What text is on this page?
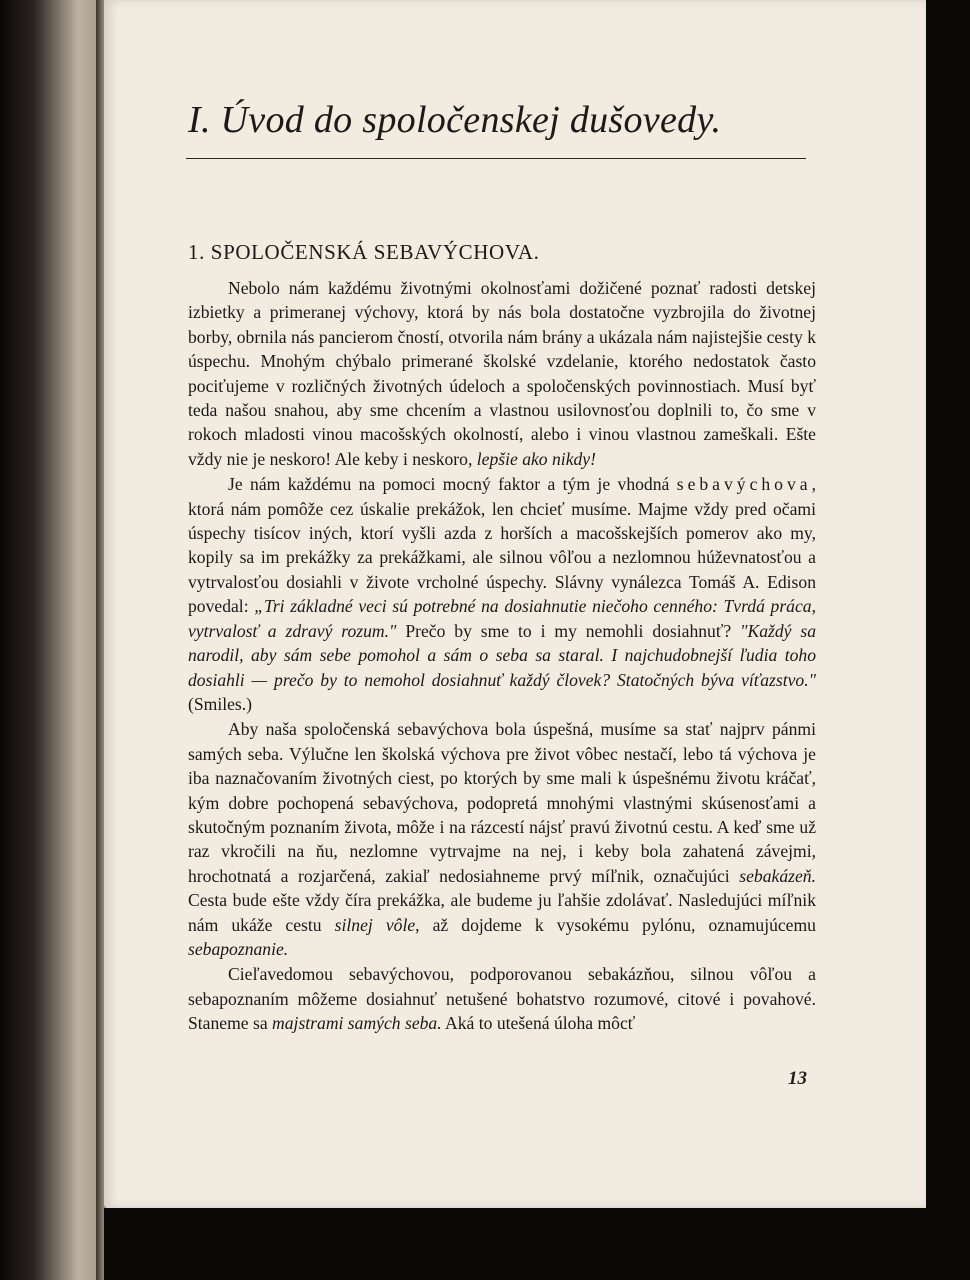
I. Úvod do spoločenskej dušovedy.
1. SPOLOČENSKÁ SEBAVÝCHOVA.

Nebolo nám každému životnými okolnosťami dožičené poznať radosti detskej izbietky a primeranej výchovy, ktorá by nás bola dostatočne vyzbrojila do životnej borby, obrnila nás pancierom čností, otvorila nám brány a ukázala nám najistejšie cesty k úspechu. Mnohým chýbalo primerané školské vzdelanie, ktorého nedostatok často pociťujeme v rozličných životných údeloch a spoločenských povinnostiach. Musí byť teda našou snahou, aby sme chcením a vlastnou usilovnosťou doplnili to, čo sme v rokoch mladosti vinou macošských okolností, alebo i vinou vlastnou zameškali. Ešte vždy nie je neskoro! Ale keby i neskoro, lepšie ako nikdy!

Je nám každému na pomoci mocný faktor a tým je vhodná sebavýchova, ktorá nám pomôže cez úskalie prekážok, len chcieť musíme. Majme vždy pred očami úspechy tisícov iných, ktorí vyšli azda z horších a macošskejších pomerov ako my, kopily sa im prekážky za prekážkami, ale silnou vôľou a nezlomnou húževnatosťou a vytrvalosťou dosiahli v živote vrcholné úspechy. Slávny vynálezca Tomáš A. Edison povedal: „Tri základné veci sú potrebné na dosiahnutie niečoho cenného: Tvrdá práca, vytrvalosť a zdravý rozum." Prečo by sme to i my nemohli dosiahnuť? "Každý sa narodil, aby sám sebe pomohol a sám o seba sa staral. I najchudobnejší ľudia toho dosiahli — prečo by to nemohol dosiahnuť každý človek? Statočných býva víťazstvo." (Smiles.)

Aby naša spoločenská sebavýchova bola úspešná, musíme sa stať najprv pánmi samých seba. Výlučne len školská výchova pre život vôbec nestačí, lebo tá výchova je iba naznačovaním životných ciest, po ktorých by sme mali k úspešnému životu kráčať, kým dobre pochopená sebavýchova, podopretá mnohými vlastnými skúsenosťami a skutočným poznaním života, môže i na rázcestí nájsť pravú životnú cestu. A keď sme už raz vkročili na ňu, nezlomne vytrvajme na nej, i keby bola zahatená závejmi, hrochotnatá a rozjarčená, zakiaľ nedosiahneme prvý míľnik, označujúci sebakázeň. Cesta bude ešte vždy čírа prekážka, ale budeme ju ľahšie zdolávať. Nasledujúci míľnik nám ukáže cestu silnej vôle, až dojdeme k vysokému pylónu, oznamujúcemu sebapoznanie.

Cieľavedomou sebavýchovou, podporovanou sebakázňou, silnou vôľou a sebapoznaním môžeme dosiahnuť netušené bohatstvo rozumové, citové i povahové. Staneme sa majstrami samých seba. Aká to utešená úloha môcť

13
